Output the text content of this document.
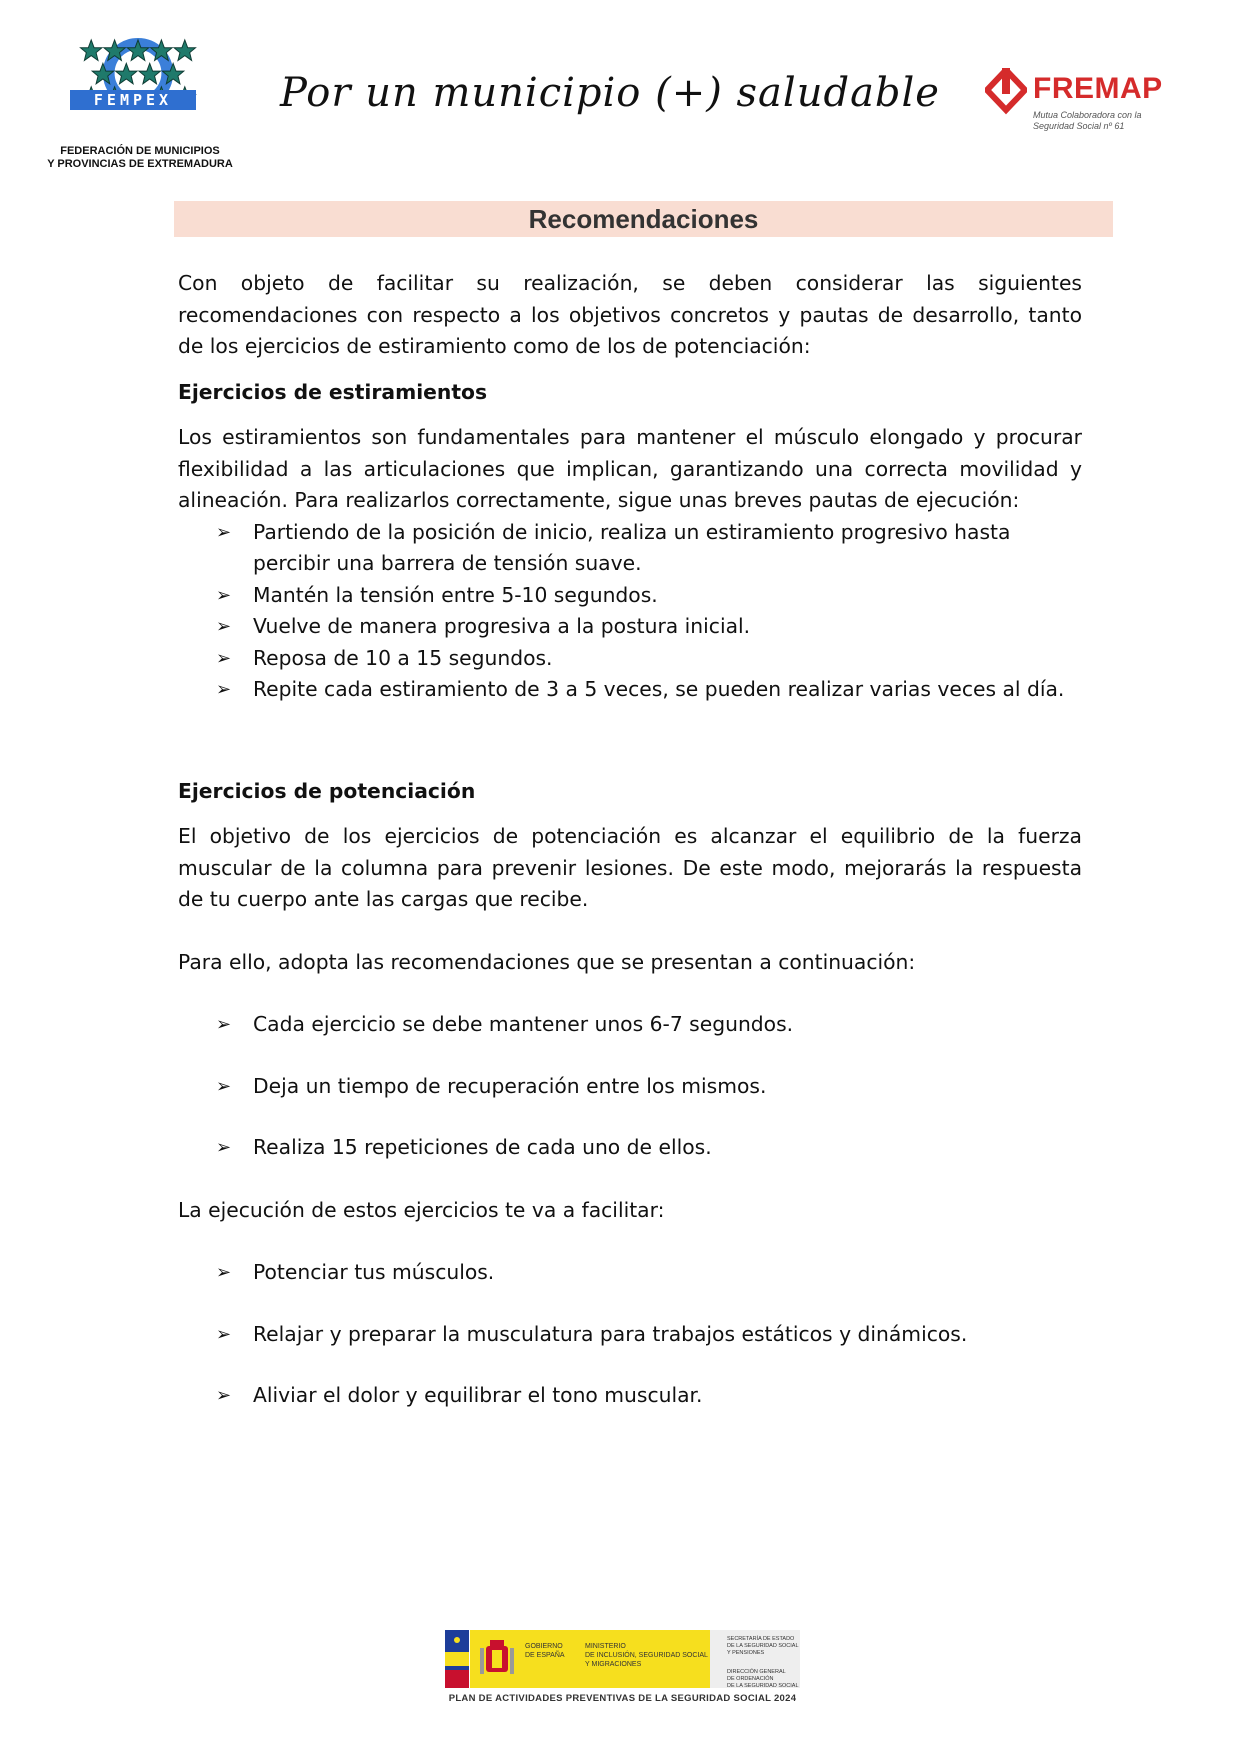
FEMPEX
FEDERACIÓN DE MUNICIPIOS
Y PROVINCIAS DE EXTREMADURA
Por un municipio (+) saludable	FREMAP
Mutua Colaboradora con la
Seguridad Social nº 61
Recomendaciones

Con objeto de facilitar su realización, se deben considerar las siguientes recomendaciones con respecto a los objetivos concretos y pautas de desarrollo, tanto de los ejercicios de estiramiento como de los de potenciación:

Ejercicios de estiramientos

Los estiramientos son fundamentales para mantener el músculo elongado y procurar flexibilidad a las articulaciones que implican, garantizando una correcta movilidad y alineación. Para realizarlos correctamente, sigue unas breves pautas de ejecución:

➢ Partiendo de la posición de inicio, realiza un estiramiento progresivo hasta percibir una barrera de tensión suave.
➢ Mantén la tensión entre 5-10 segundos.
➢ Vuelve de manera progresiva a la postura inicial.
➢ Reposa de 10 a 15 segundos.
➢ Repite cada estiramiento de 3 a 5 veces, se pueden realizar varias veces al día.
Ejercicios de potenciación

El objetivo de los ejercicios de potenciación es alcanzar el equilibrio de la fuerza muscular de la columna para prevenir lesiones. De este modo, mejorarás la respuesta de tu cuerpo ante las cargas que recibe.

Para ello, adopta las recomendaciones que se presentan a continuación:

➢ Cada ejercicio se debe mantener unos 6-7 segundos.
➢ Deja un tiempo de recuperación entre los mismos.
➢ Realiza 15 repeticiones de cada uno de ellos.

La ejecución de estos ejercicios te va a facilitar:

➢ Potenciar tus músculos.
➢ Relajar y preparar la musculatura para trabajos estáticos y dinámicos.
➢ Aliviar el dolor y equilibrar el tono muscular.
GOBIERNO
DE ESPAÑA
MINISTERIO
DE INCLUSIÓN, SEGURIDAD SOCIAL
Y MIGRACIONES
SECRETARÍA DE ESTADO
DE LA SEGURIDAD SOCIAL
Y PENSIONES
DIRECCIÓN GENERAL
DE ORDENACIÓN
DE LA SEGURIDAD SOCIAL
PLAN DE ACTIVIDADES PREVENTIVAS DE LA SEGURIDAD SOCIAL 2024
